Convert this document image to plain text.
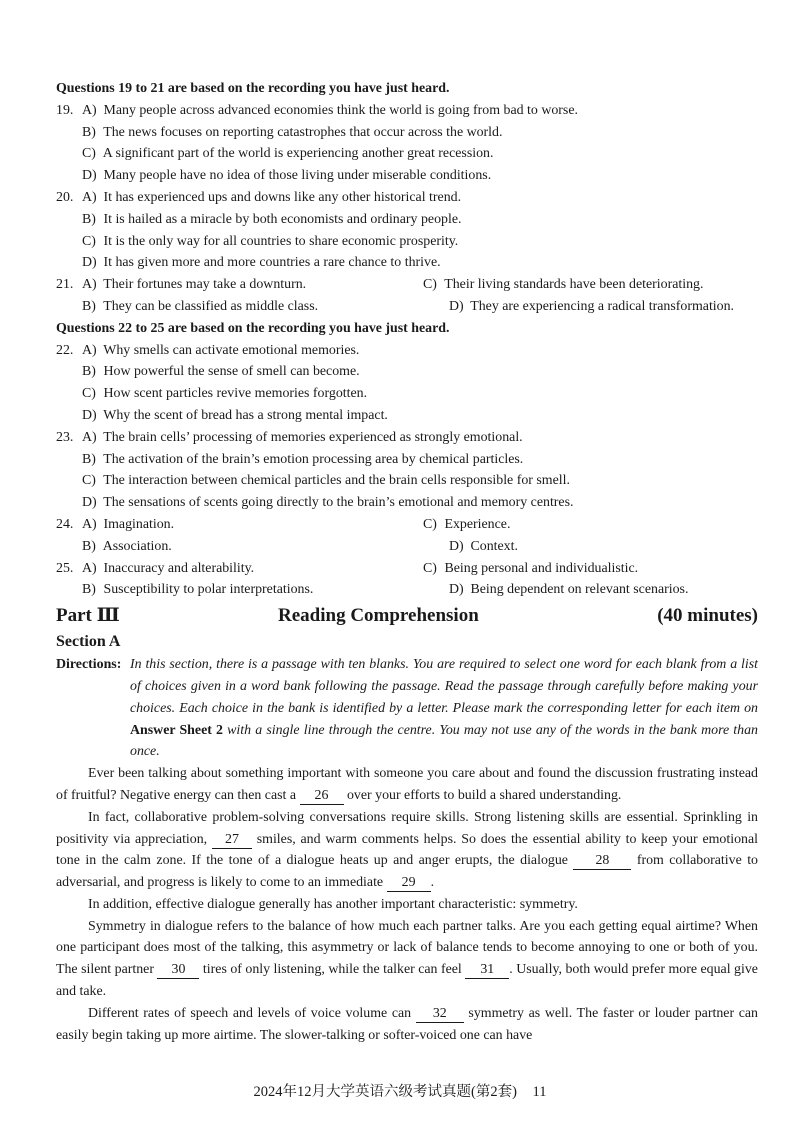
Questions 19 to 21 are based on the recording you have just heard.
19. A) Many people across advanced economies think the world is going from bad to worse.
B) The news focuses on reporting catastrophes that occur across the world.
C) A significant part of the world is experiencing another great recession.
D) Many people have no idea of those living under miserable conditions.
20. A) It has experienced ups and downs like any other historical trend.
B) It is hailed as a miracle by both economists and ordinary people.
C) It is the only way for all countries to share economic prosperity.
D) It has given more and more countries a rare chance to thrive.
21. A) Their fortunes may take a downturn.	C) Their living standards have been deteriorating.
B) They can be classified as middle class.	D) They are experiencing a radical transformation.
Questions 22 to 25 are based on the recording you have just heard.
22. A) Why smells can activate emotional memories.
B) How powerful the sense of smell can become.
C) How scent particles revive memories forgotten.
D) Why the scent of bread has a strong mental impact.
23. A) The brain cells’ processing of memories experienced as strongly emotional.
B) The activation of the brain’s emotion processing area by chemical particles.
C) The interaction between chemical particles and the brain cells responsible for smell.
D) The sensations of scents going directly to the brain’s emotional and memory centres.
24. A) Imagination.	C) Experience.
B) Association.	D) Context.
25. A) Inaccuracy and alterability.	C) Being personal and individualistic.
B) Susceptibility to polar interpretations.	D) Being dependent on relevant scenarios.
Part Ⅲ	Reading Comprehension	(40 minutes)
Section A
Directions: In this section, there is a passage with ten blanks. You are required to select one word for each blank from a list of choices given in a word bank following the passage. Read the passage through carefully before making your choices. Each choice in the bank is identified by a letter. Please mark the corresponding letter for each item on Answer Sheet 2 with a single line through the centre. You may not use any of the words in the bank more than once.
Ever been talking about something important with someone you care about and found the discussion frustrating instead of fruitful? Negative energy can then cast a 26 over your efforts to build a shared understanding.
In fact, collaborative problem-solving conversations require skills. Strong listening skills are essential. Sprinkling in positivity via appreciation, 27 smiles, and warm comments helps. So does the essential ability to keep your emotional tone in the calm zone. If the tone of a dialogue heats up and anger erupts, the dialogue 28 from collaborative to adversarial, and progress is likely to come to an immediate 29 .
In addition, effective dialogue generally has another important characteristic: symmetry.
Symmetry in dialogue refers to the balance of how much each partner talks. Are you each getting equal airtime? When one participant does most of the talking, this asymmetry or lack of balance tends to become annoying to one or both of you. The silent partner 30 tires of only listening, while the talker can feel 31 . Usually, both would prefer more equal give and take.
Different rates of speech and levels of voice volume can 32 symmetry as well. The faster or louder partner can easily begin taking up more airtime. The slower-talking or softer-voiced one can have
2024年12月大学英语六级考试真题(第2套) 11
